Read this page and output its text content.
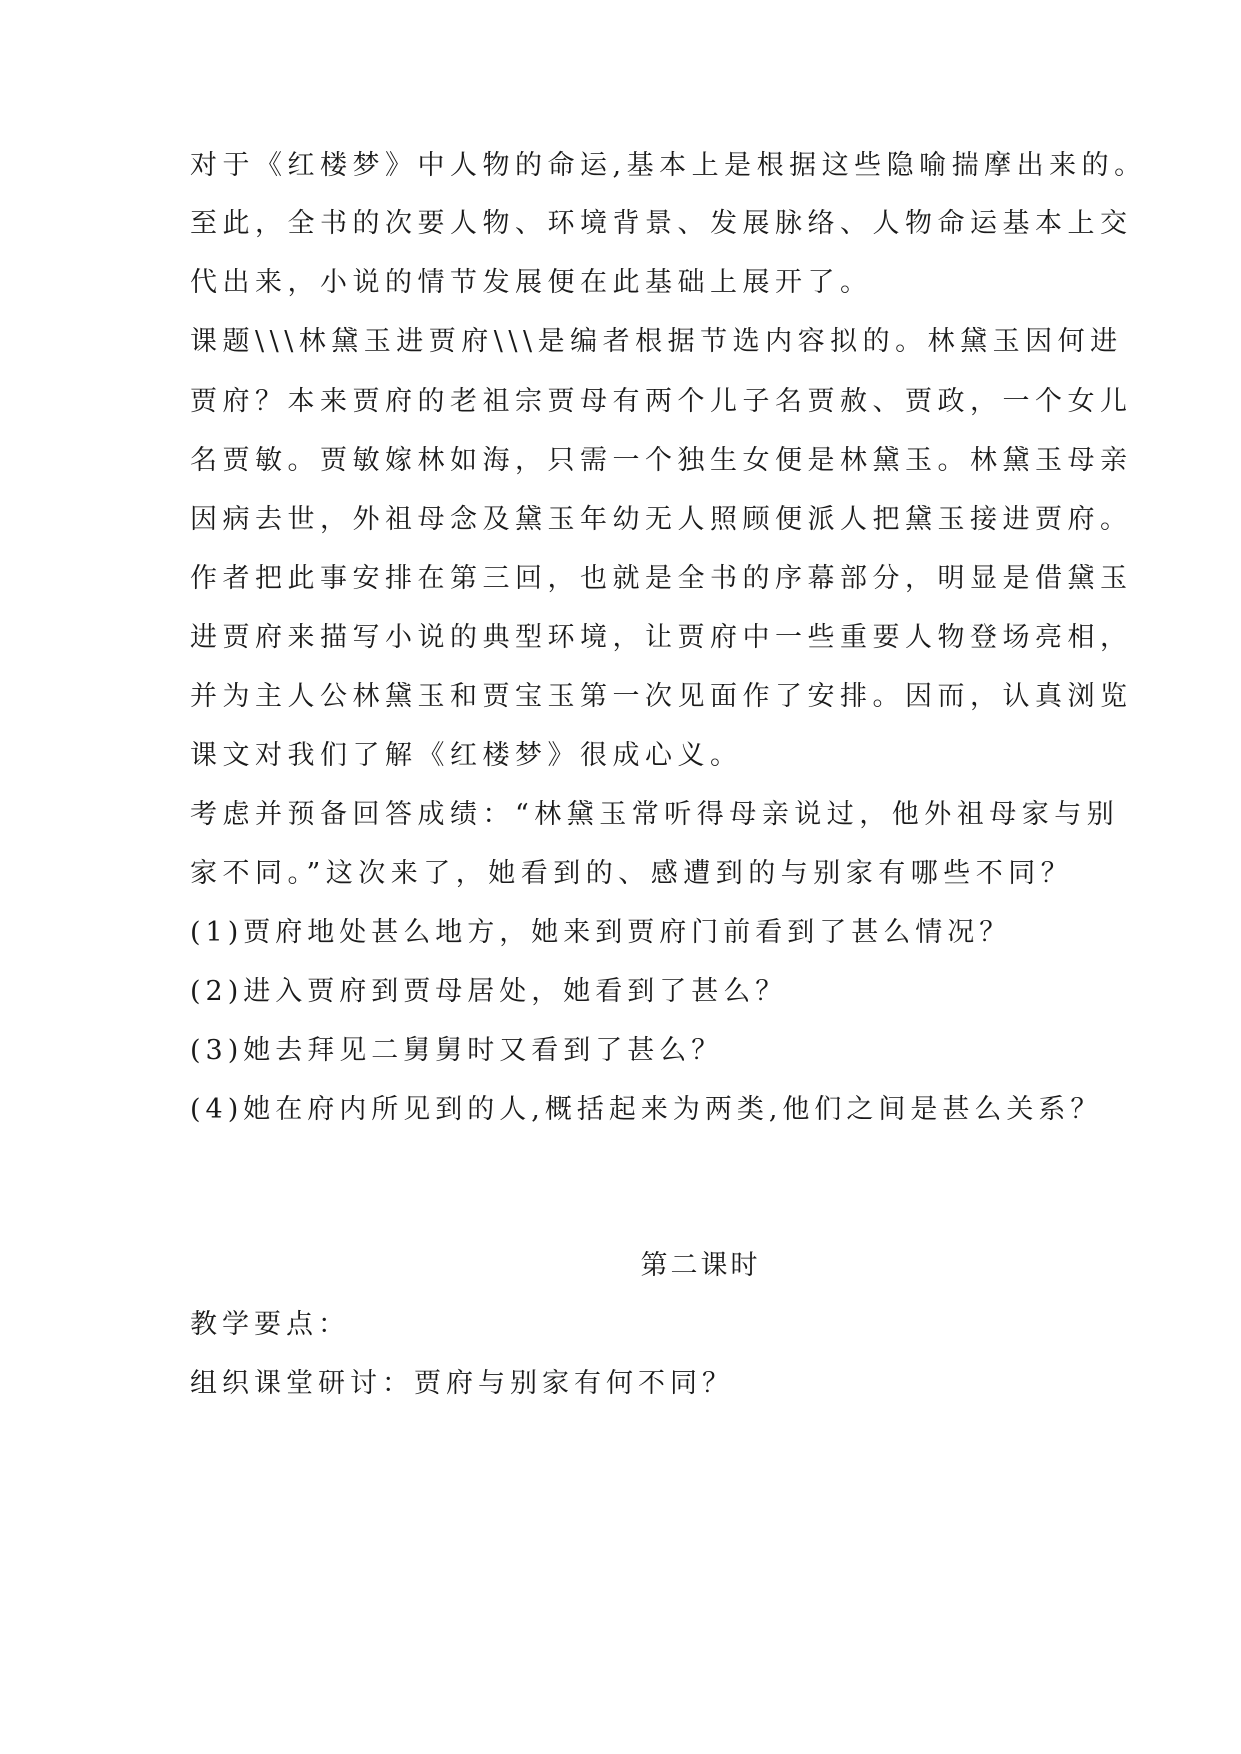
对于《红楼梦》中人物的命运,基本上是根据这些隐喻揣摩出来的。
至此，全书的次要人物、环境背景、发展脉络、人物命运基本上交
代出来，小说的情节发展便在此基础上展开了。
课题\\\林黛玉进贾府\\\是编者根据节选内容拟的。林黛玉因何进
贾府？本来贾府的老祖宗贾母有两个儿子名贾赦、贾政，一个女儿
名贾敏。贾敏嫁林如海，只需一个独生女便是林黛玉。林黛玉母亲
因病去世，外祖母念及黛玉年幼无人照顾便派人把黛玉接进贾府。
作者把此事安排在第三回，也就是全书的序幕部分，明显是借黛玉
进贾府来描写小说的典型环境，让贾府中一些重要人物登场亮相，
并为主人公林黛玉和贾宝玉第一次见面作了安排。因而，认真浏览
课文对我们了解《红楼梦》很成心义。
考虑并预备回答成绩：“林黛玉常听得母亲说过，他外祖母家与别
家不同。”这次来了，她看到的、感遭到的与别家有哪些不同？
(1)贾府地处甚么地方，她来到贾府门前看到了甚么情况？
(2)进入贾府到贾母居处，她看到了甚么？
(3)她去拜见二舅舅时又看到了甚么？
(4)她在府内所见到的人,概括起来为两类,他们之间是甚么关系？
第二课时
教学要点：
组织课堂研讨：贾府与别家有何不同？
